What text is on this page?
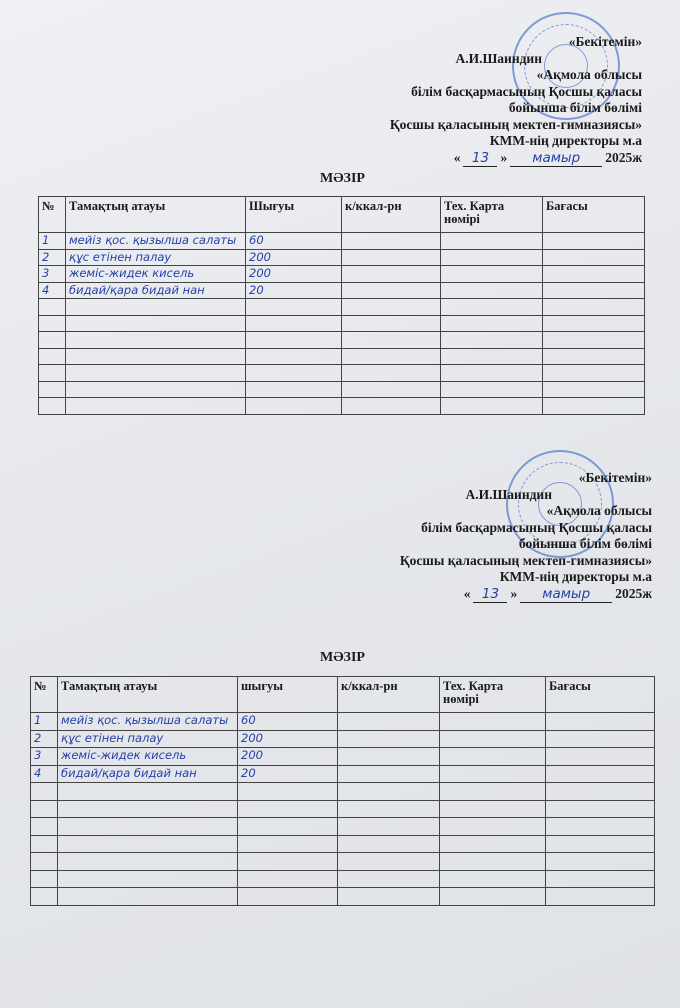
«Бекітемін»
А.И.Шаиндин
«Ақмола облысы
білім басқармасының Қосшы қаласы
бойынша білім бөлімі
Қосшы қаласының мектеп-гимназиясы»
КММ-нің директоры м.а
« 13 »	мамыр	2025ж
МӘЗІР
№	Тамақтың атауы	Шығуы	к/ккал-рн	Тех. Карта нөмірі	Бағасы
1	мейіз қос. қызылша салаты	60			
2	құс етінен палау	200			
3	жеміс-жидек кисель	200			
4	бидай/қара бидай нан	20			

«Бекітемін»
А.И.Шаиндин
«Ақмола облысы
білім басқармасының Қосшы қаласы
бойынша білім бөлімі
Қосшы қаласының мектеп-гимназиясы»
КММ-нің директоры м.а
« 13 »	мамыр	2025ж
МӘЗІР
№	Тамақтың атауы	шығуы	к/ккал-рн	Тех. Карта нөмірі	Бағасы
1	мейіз қос. қызылша салаты	60			
2	құс етінен палау	200			
3	жеміс-жидек кисель	200			
4	бидай/қара бидай нан	20			
